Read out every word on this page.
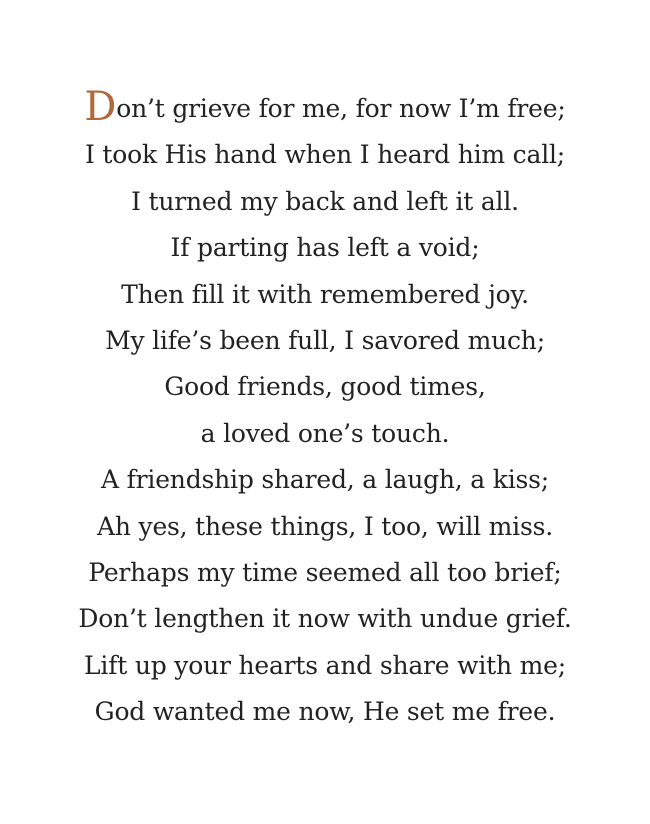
Don’t grieve for me, for now I’m free;
I took His hand when I heard him call;
I turned my back and left it all.
If parting has left a void;
Then fill it with remembered joy.
My life’s been full, I savored much;
Good friends, good times,
a loved one’s touch.
A friendship shared, a laugh, a kiss;
Ah yes, these things, I too, will miss.
Perhaps my time seemed all too brief;
Don’t lengthen it now with undue grief.
Lift up your hearts and share with me;
God wanted me now, He set me free.
